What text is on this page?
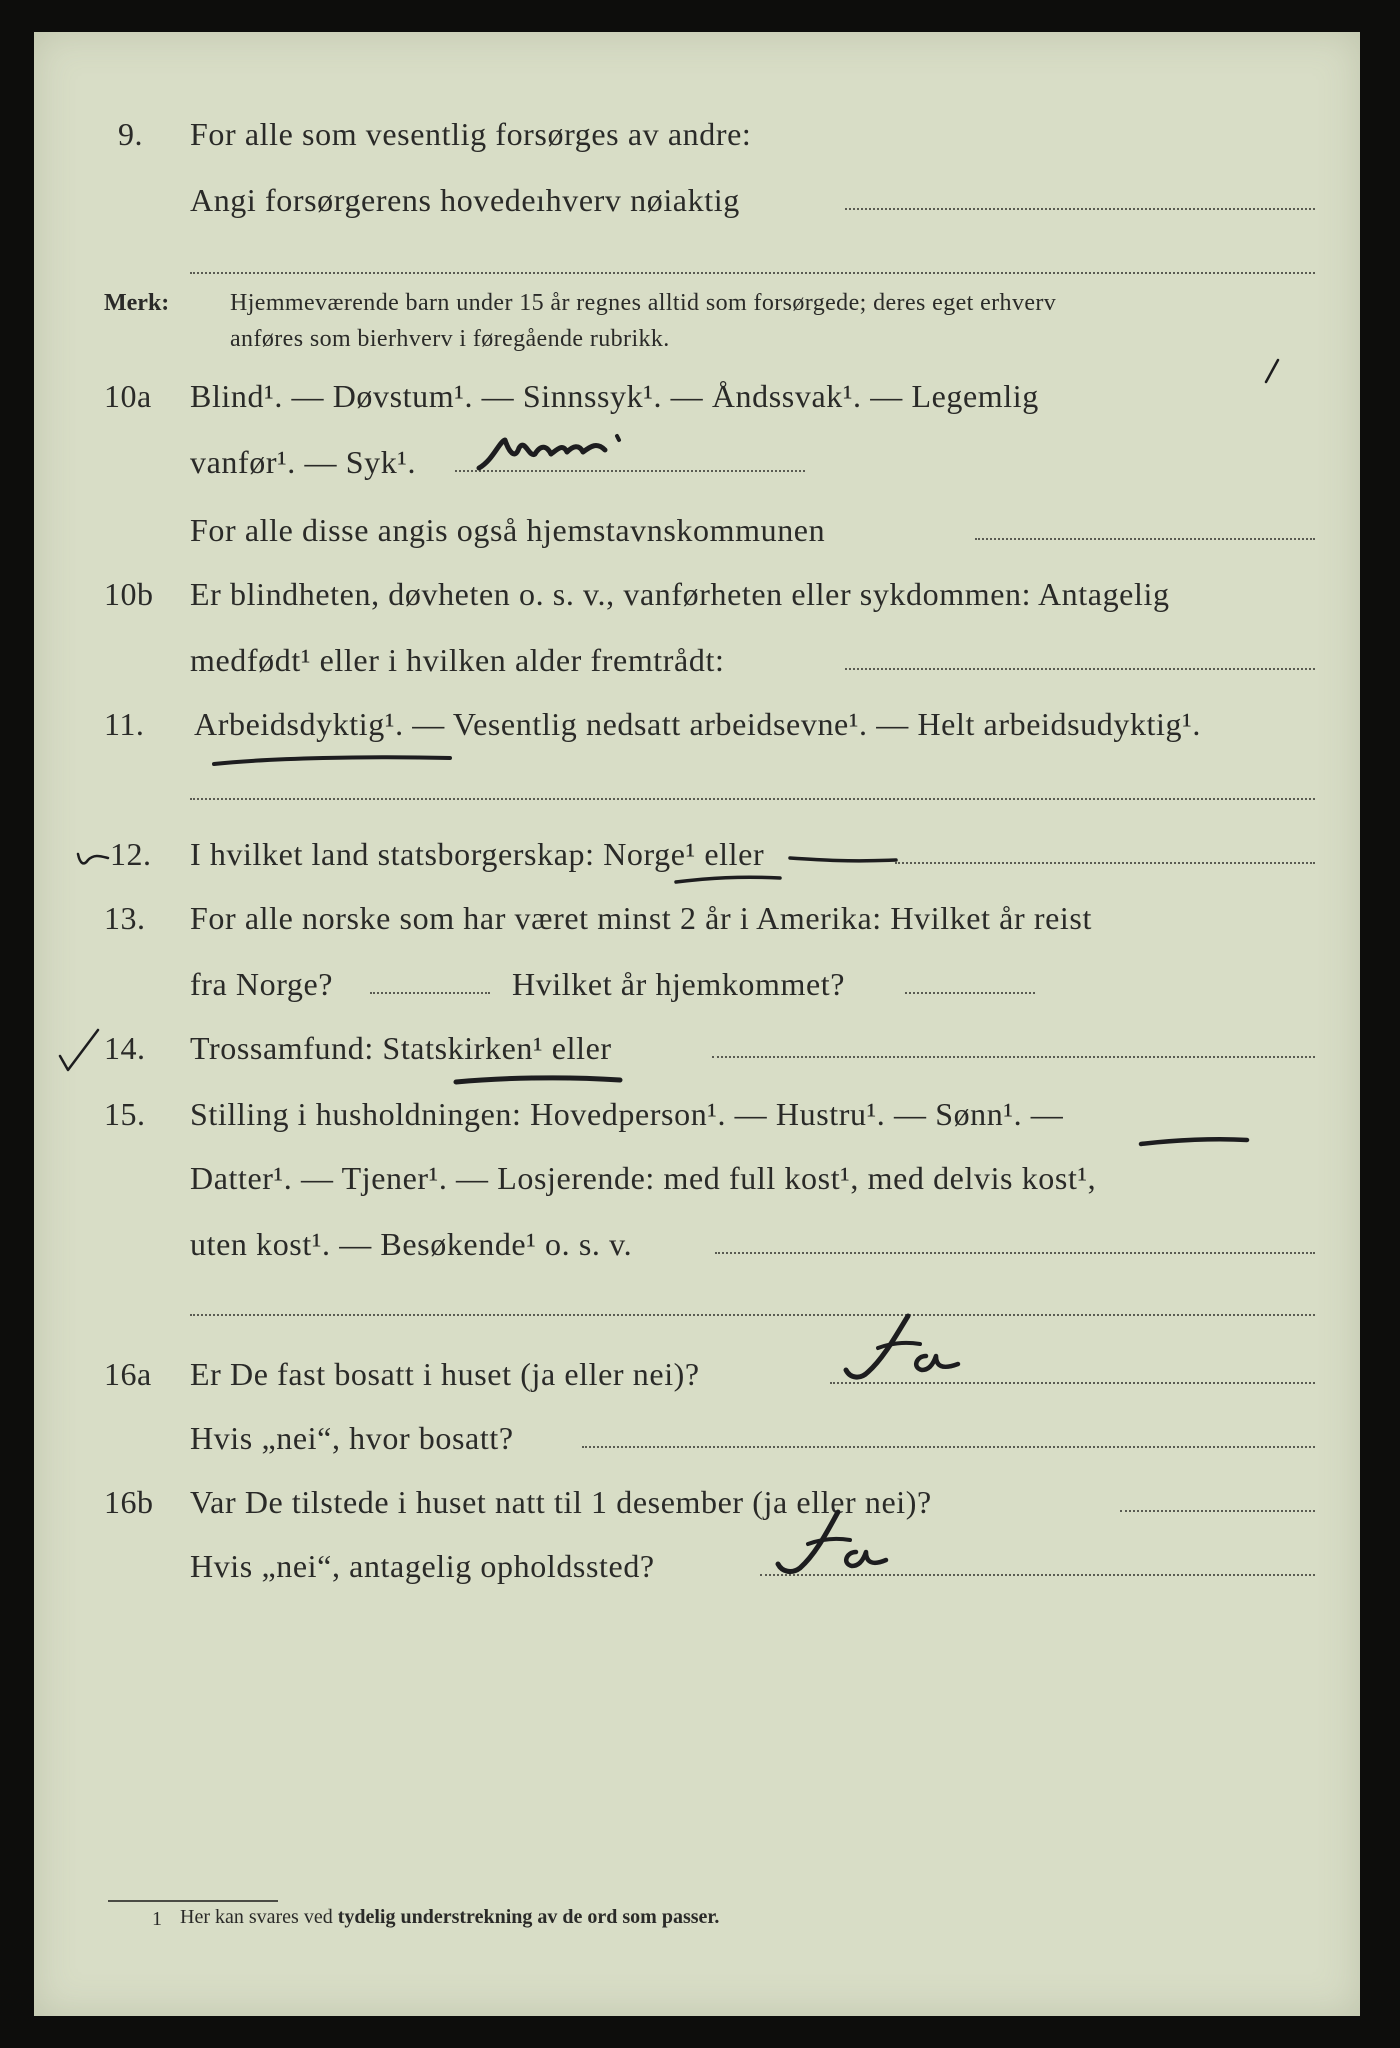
9. For alle som vesentlig forsørges av andre:
Angi forsørgerens hovedeıhverv nøiaktig
Merk:	Hjemmeværende barn under 15 år regnes alltid som forsørgede; deres eget erhverv
anføres som bierhverv i føregående rubrikk.
10a Blind¹. — Døvstum¹. — Sinnssyk¹. — Åndssvak¹. — Legemlig
vanfør¹. — Syk¹.
For alle disse angis også hjemstavnskommunen
10b Er blindheten, døvheten o. s. v., vanførheten eller sykdommen: Antagelig
medfødt¹ eller i hvilken alder fremtrådt:
11. Arbeidsdyktig¹. — Vesentlig nedsatt arbeidsevne¹. — Helt arbeidsudyktig¹.
12. I hvilket land statsborgerskap: Norge¹ eller
13. For alle norske som har været minst 2 år i Amerika: Hvilket år reist
fra Norge?	Hvilket år hjemkommet?
14. Trossamfund: Statskirken¹ eller
15. Stilling i husholdningen: Hovedperson¹. — Hustru¹. — Sønn¹. —
Datter¹. — Tjener¹. — Losjerende: med full kost¹, med delvis kost¹,
uten kost¹. — Besøkende¹ o. s. v.
16a Er De fast bosatt i huset (ja eller nei)?
Hvis „nei“, hvor bosatt?
16b Var De tilstede i huset natt til 1 desember (ja eller nei)?
Hvis „nei“, antagelig opholdssted?
1 Her kan svares ved tydelig understrekning av de ord som passer.
